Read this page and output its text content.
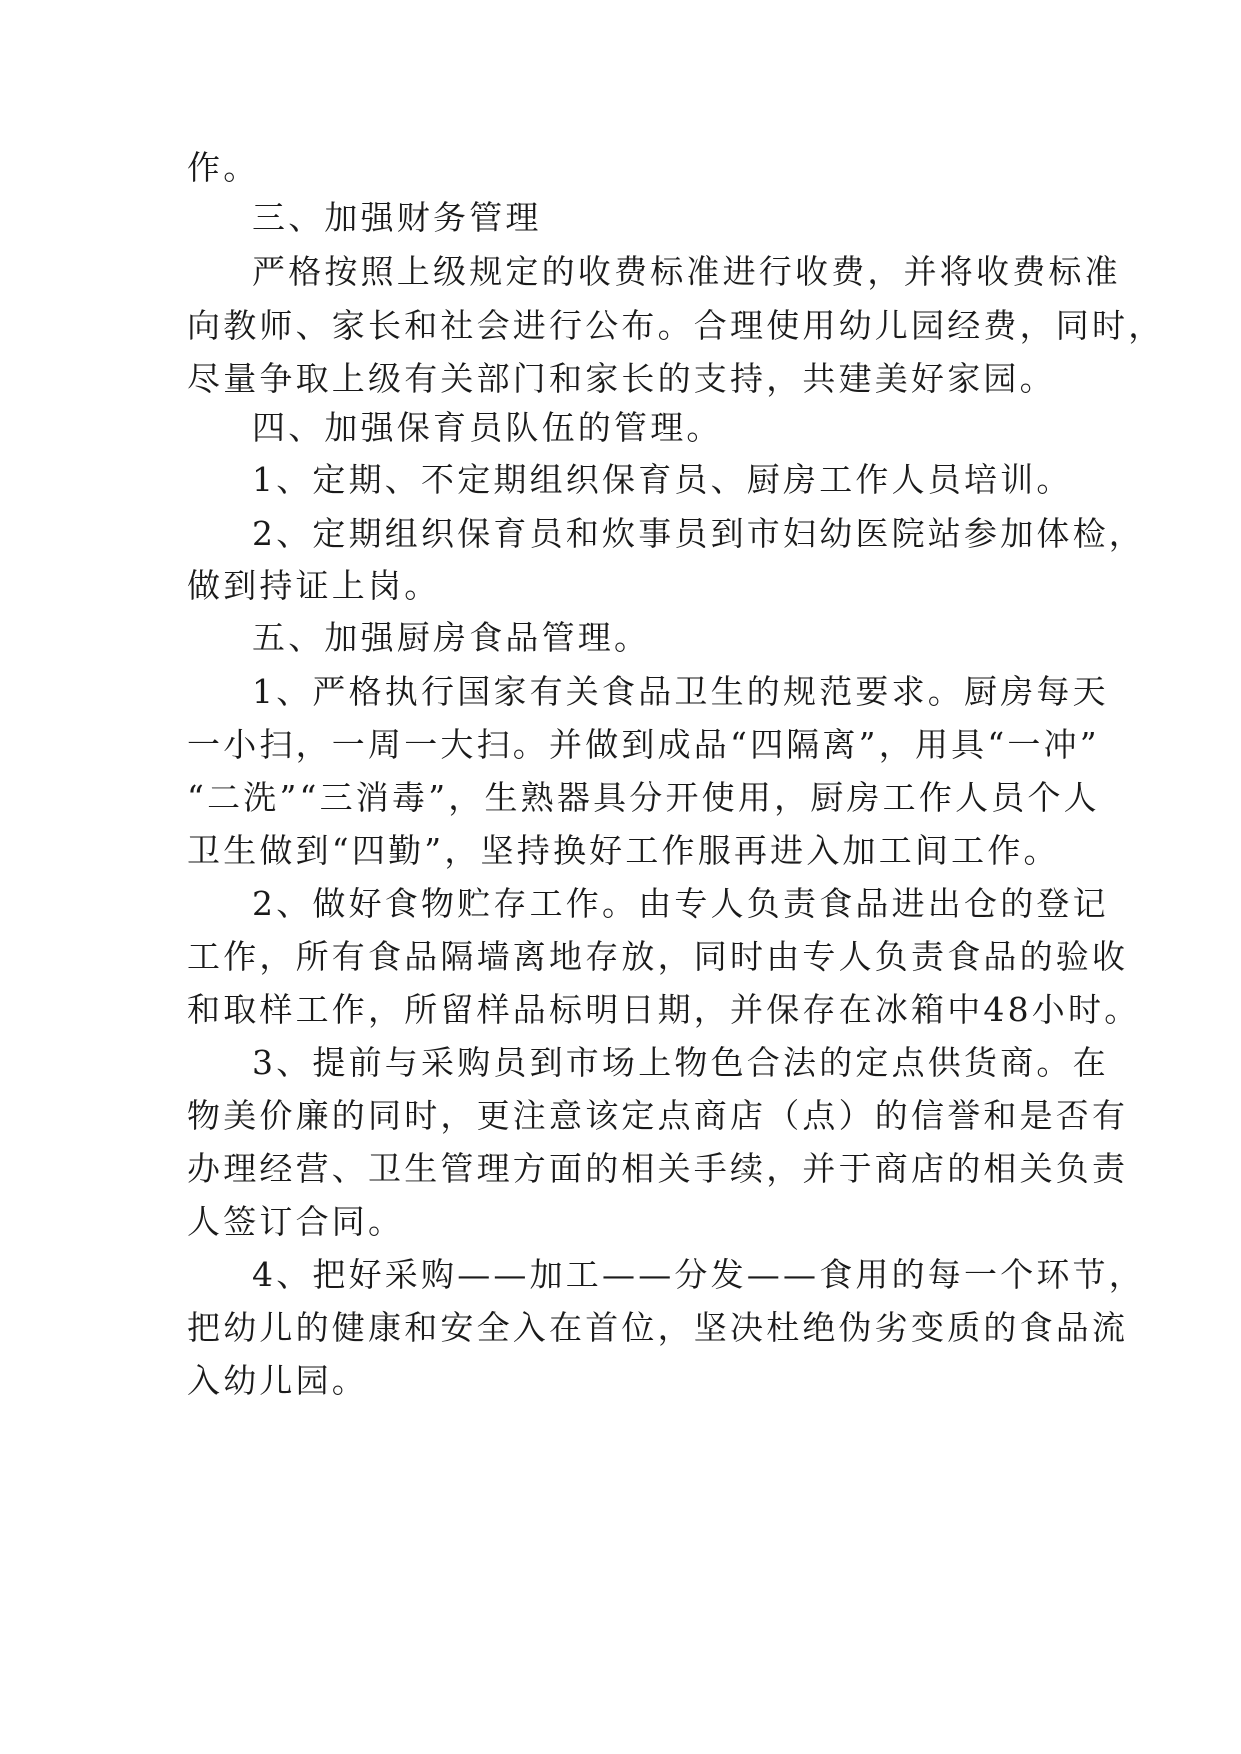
作。
三、加强财务管理
严格按照上级规定的收费标准进行收费，并将收费标准
向教师、家长和社会进行公布。合理使用幼儿园经费，同时，
尽量争取上级有关部门和家长的支持，共建美好家园。
四、加强保育员队伍的管理。
1、定期、不定期组织保育员、厨房工作人员培训。
2、定期组织保育员和炊事员到市妇幼医院站参加体检，
做到持证上岗。
五、加强厨房食品管理。
1、严格执行国家有关食品卫生的规范要求。厨房每天
一小扫，一周一大扫。并做到成品“四隔离”，用具“一冲”
“二洗”“三消毒”，生熟器具分开使用，厨房工作人员个人
卫生做到“四勤”，坚持换好工作服再进入加工间工作。
2、做好食物贮存工作。由专人负责食品进出仓的登记
工作，所有食品隔墙离地存放，同时由专人负责食品的验收
和取样工作，所留样品标明日期，并保存在冰箱中48小时。
3、提前与采购员到市场上物色合法的定点供货商。在
物美价廉的同时，更注意该定点商店（点）的信誉和是否有
办理经营、卫生管理方面的相关手续，并于商店的相关负责
人签订合同。
4、把好采购——加工——分发——食用的每一个环节，
把幼儿的健康和安全入在首位，坚决杜绝伪劣变质的食品流
入幼儿园。
